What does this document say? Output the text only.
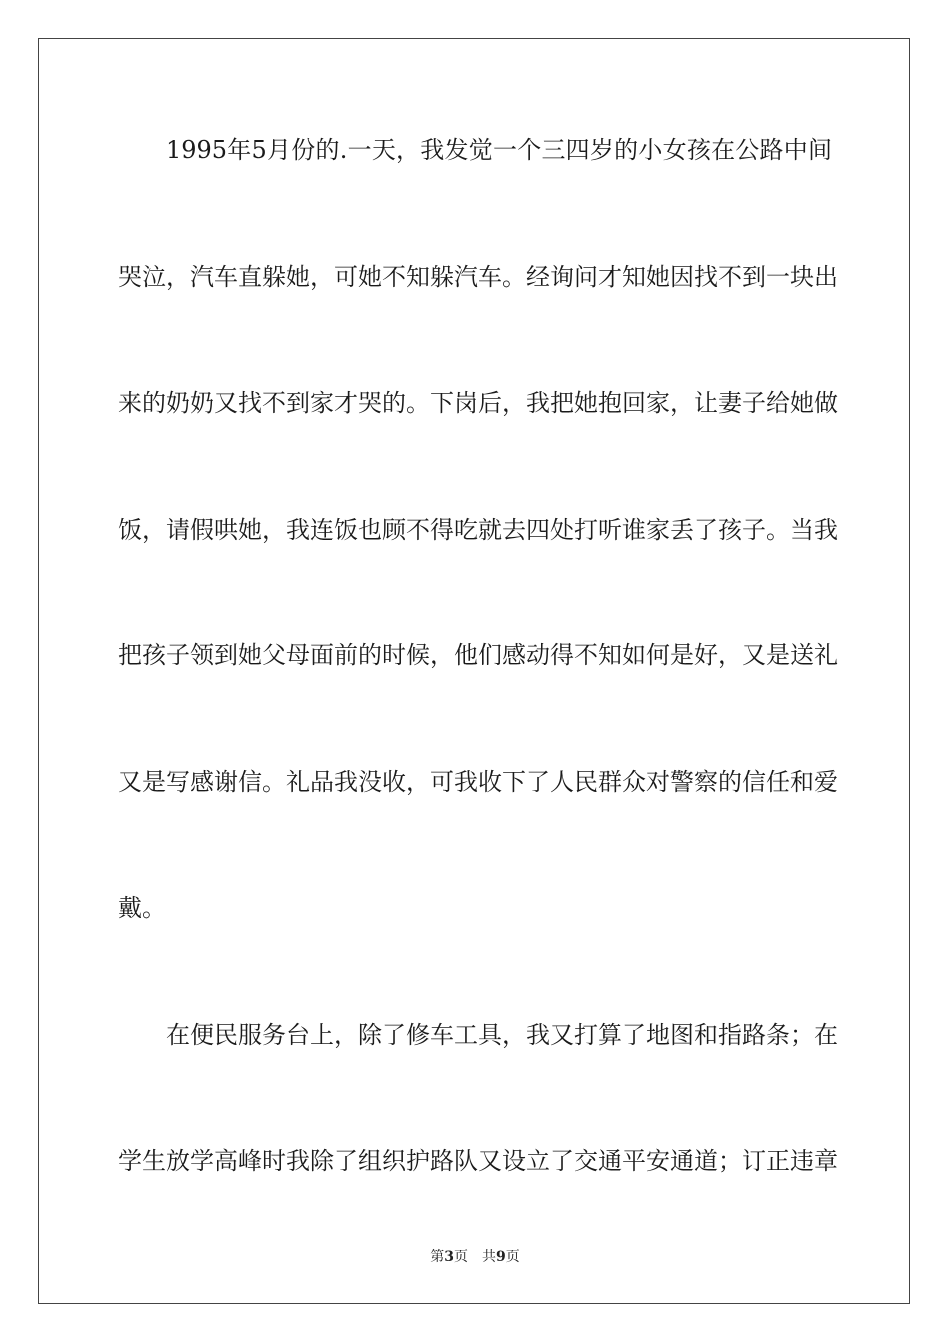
1995年5月份的.一天，我发觉一个三四岁的小女孩在公路中间
哭泣，汽车直躲她，可她不知躲汽车。经询问才知她因找不到一块出
来的奶奶又找不到家才哭的。下岗后，我把她抱回家，让妻子给她做
饭，请假哄她，我连饭也顾不得吃就去四处打听谁家丢了孩子。当我
把孩子领到她父母面前的时候，他们感动得不知如何是好，又是送礼
又是写感谢信。礼品我没收，可我收下了人民群众对警察的信任和爱
戴。
在便民服务台上，除了修车工具，我又打算了地图和指路条；在
学生放学高峰时我除了组织护路队又设立了交通平安通道；订正违章
第3页 共9页
